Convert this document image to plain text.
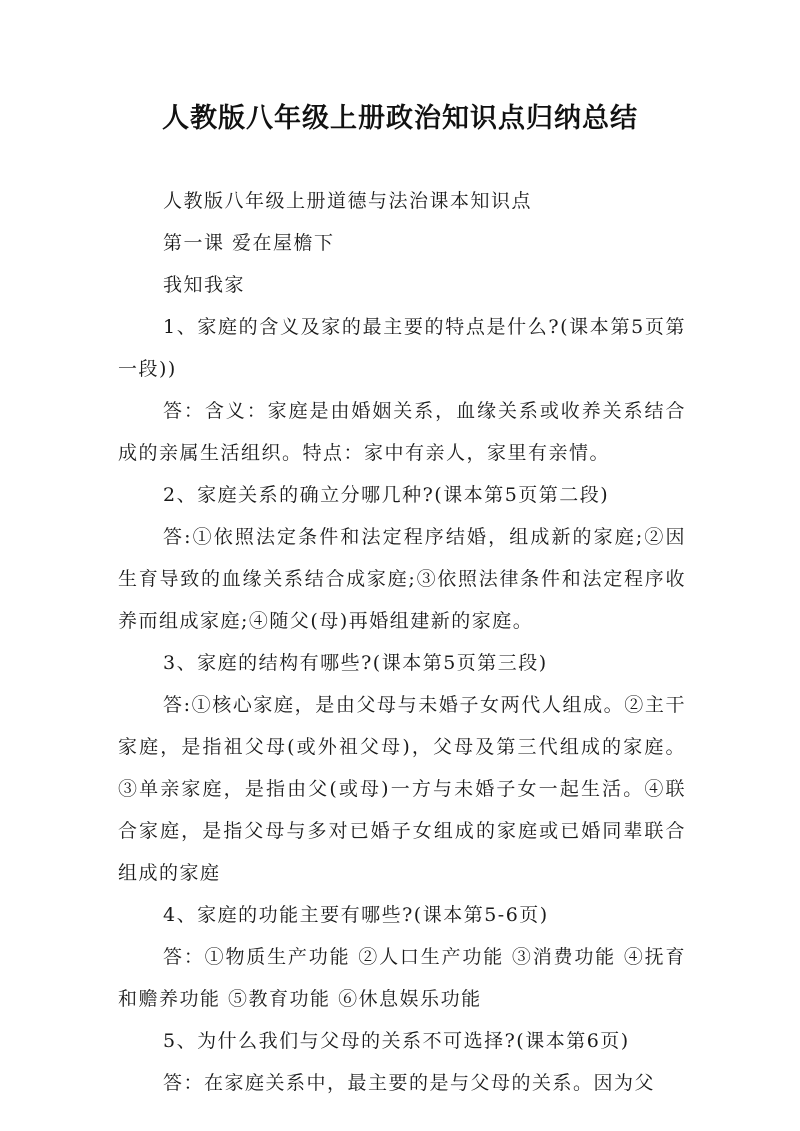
人教版八年级上册政治知识点归纳总结

人教版八年级上册道德与法治课本知识点

第一课 爱在屋檐下

我知我家

1、家庭的含义及家的最主要的特点是什么?(课本第5页第一段))

答：含义：家庭是由婚姻关系，血缘关系或收养关系结合成的亲属生活组织。特点：家中有亲人，家里有亲情。

2、家庭关系的确立分哪几种?(课本第5页第二段)

答:①依照法定条件和法定程序结婚，组成新的家庭;②因生育导致的血缘关系结合成家庭;③依照法律条件和法定程序收养而组成家庭;④随父(母)再婚组建新的家庭。

3、家庭的结构有哪些?(课本第5页第三段)

答:①核心家庭，是由父母与未婚子女两代人组成。②主干家庭，是指祖父母(或外祖父母)，父母及第三代组成的家庭。③单亲家庭，是指由父(或母)一方与未婚子女一起生活。④联合家庭，是指父母与多对已婚子女组成的家庭或已婚同辈联合组成的家庭

4、家庭的功能主要有哪些?(课本第5-6页)

答：①物质生产功能 ②人口生产功能 ③消费功能 ④抚育和赡养功能 ⑤教育功能 ⑥休息娱乐功能

5、为什么我们与父母的关系不可选择?(课本第6页)

答：在家庭关系中，最主要的是与父母的关系。因为父
